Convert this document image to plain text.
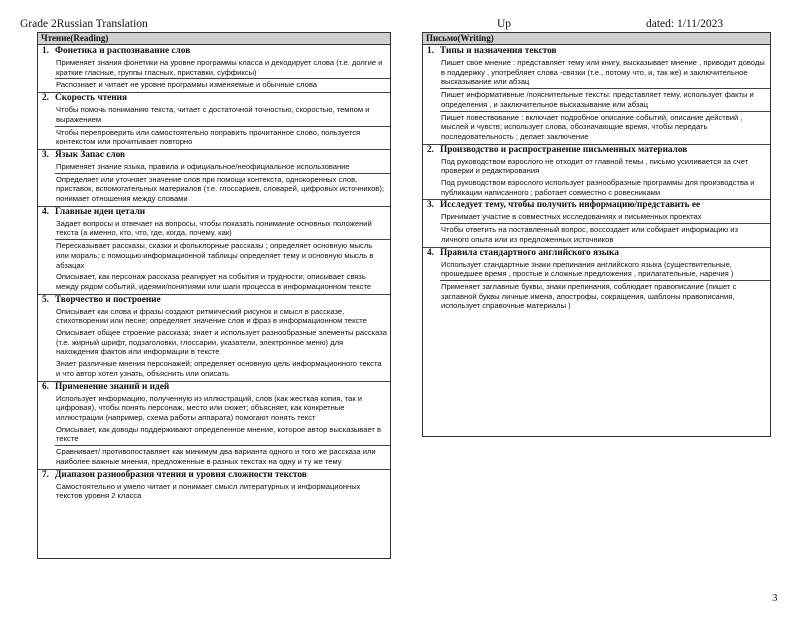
Grade 2Russian Translation	Up	dated: 1/11/2023
Чтение(Reading)
1. Фонетика и распознавание слов
Применяет знания фонетики на уровне программы класса и декодирует слова (т.е. долгие и краткие гласные, группы гласных, приставки, суффиксы)
Распознает и читает не уровне программы изменяемые и обычные слова
2. Скорость чтения
Чтобы помочь пониманию текста, читает с достаточной точностью, скоростью, темпом и выражением
Чтобы перепроверить или самостоятельно поправить прочитанное слово, пользуется контекстом или прочитывает повторно
3. Язык Запас слов
Применяет знание языка, правила и официальное/неофициальное использование
Определяет или уточняет значение слов при помощи контекста, однокоренных слов, приставок, вспомогательных материалов (т.е. глоссариев, словарей, цифровых источников); понимает отношения между словами
4. Главные идеи цетали
Задает вопросы и отвечает на вопросы, чтобы показать понимание основных положений текста (а именно, кто, что, где, когда, почему, как)
Пересказывает рассказы, сказки и фольклорные рассказы ; определяет основную мысль или мораль; с помощью информационной таблицы определяет тему и основную мысль в абзацах
Описывает, как персонаж рассказа реагирует на события и трудности; описывает связь между рядом событий, идеями/понятиями или шаги процесса в информационном тексте
5. Творчество и построение
Описывает как слова и фразы создают ритмический рисунок и смысл в рассказе, стихотворении или песне; определяет значение слов и фраз в информационном тексте
Описывает общее строение рассказа; знает и использует разнообразные элементы рассказа (т.е. жирный шрифт, подзаголовки, глоссарии, указатели, электронное меню) для нахождения фактов или информации в тексте
Знает различные мнения персонажей; определяет основную цель информационного текста и что автор хотел узнать, объяснить или описать
6. Применение знаний и идей
Использует информацию, полученную из иллюстраций, слов (как жесткая копия, так и цифровая), чтобы понять персонаж, место или сюжет; объясняет, как конкретные иллюстрации (например, схема работы аппарата) помогают понять текст
Описывает, как доводы поддерживают определенное мнение, которое автор высказывает в тексте
Сравнивает/ противопоставляет как минимум два варианта одного и того же рассказа или наиболее важные мнения, предложенные в разных текстах на одну и ту же тему
7. Диапазон разнообразия чтения и уровня сложности текстов
Самостоятельно и умело читает и понимает смысл литературных и информационных текстов уровня 2 класса
Письмо(Writing)
1. Типы и назначения текстов
Пишет свое мнение : представляет тему или книгу, высказывает мнение , приводит доводы в поддержку , употребляет слова -связки (т.е., потому что, и, так же) и заключительное высказывание или абзац
Пишет информативные /пояснительные тексты: представляет тему, использует факты и определения , и заключительное высказывание или абзац
Пишет повествование : включает подробное описание событий, описание действий , мыслей и чувств; использует слова, обозначающие время, чтобы передать последовательность ; делает заключение
2. Производство и распространение письменных материалов
Под руководством взрослого не отходит от главной темы , письмо усиливается за счет проверки и редактирования
Под руководством взрослого использует разнообразные программы для производства и публикации написанного ; работает совместно с ровесниками
3. Исследует тему, чтобы получить информацию/представить ее
Принимает участие в совместных исследованиях и письменных проектах
Чтобы ответить на поставленный вопрос, воссоздает или собирает информацию из личного опыта или из предложенных источников
4. Правила стандартного английского языка
Использует стандартные знаки препинания английского языка (существительные, прошедшее время , простые и сложные предложения , прилагательные, наречия )
Применяет заглавные буквы, знаки препинания, соблюдает правописание (пишет с заглавной буквы личные имена, апострофы, сокращения, шаблоны правописания, использует справочные материалы )
3
